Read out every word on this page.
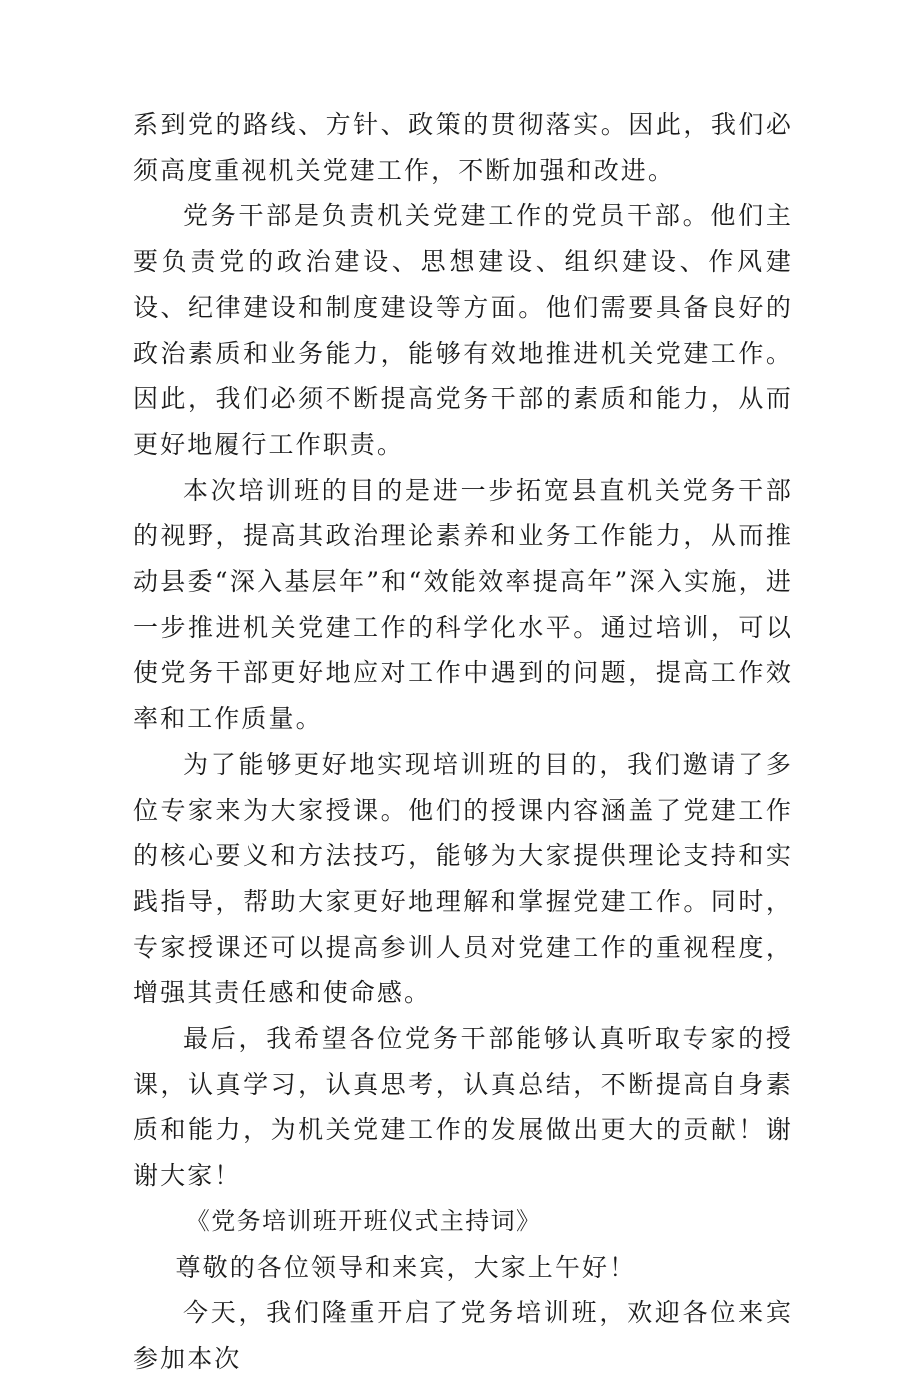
系到党的路线、方针、政策的贯彻落实。因此，我们必须高度重视机关党建工作，不断加强和改进。

党务干部是负责机关党建工作的党员干部。他们主要负责党的政治建设、思想建设、组织建设、作风建设、纪律建设和制度建设等方面。他们需要具备良好的政治素质和业务能力，能够有效地推进机关党建工作。因此，我们必须不断提高党务干部的素质和能力，从而更好地履行工作职责。

本次培训班的目的是进一步拓宽县直机关党务干部的视野，提高其政治理论素养和业务工作能力，从而推动县委“深入基层年”和“效能效率提高年”深入实施，进一步推进机关党建工作的科学化水平。通过培训，可以使党务干部更好地应对工作中遇到的问题，提高工作效率和工作质量。

为了能够更好地实现培训班的目的，我们邀请了多位专家来为大家授课。他们的授课内容涵盖了党建工作的核心要义和方法技巧，能够为大家提供理论支持和实践指导，帮助大家更好地理解和掌握党建工作。同时，专家授课还可以提高参训人员对党建工作的重视程度，增强其责任感和使命感。

最后，我希望各位党务干部能够认真听取专家的授课，认真学习，认真思考，认真总结，不断提高自身素质和能力，为机关党建工作的发展做出更大的贡献！谢谢大家！

《党务培训班开班仪式主持词》

尊敬的各位领导和来宾，大家上午好！

今天，我们隆重开启了党务培训班，欢迎各位来宾参加本次
